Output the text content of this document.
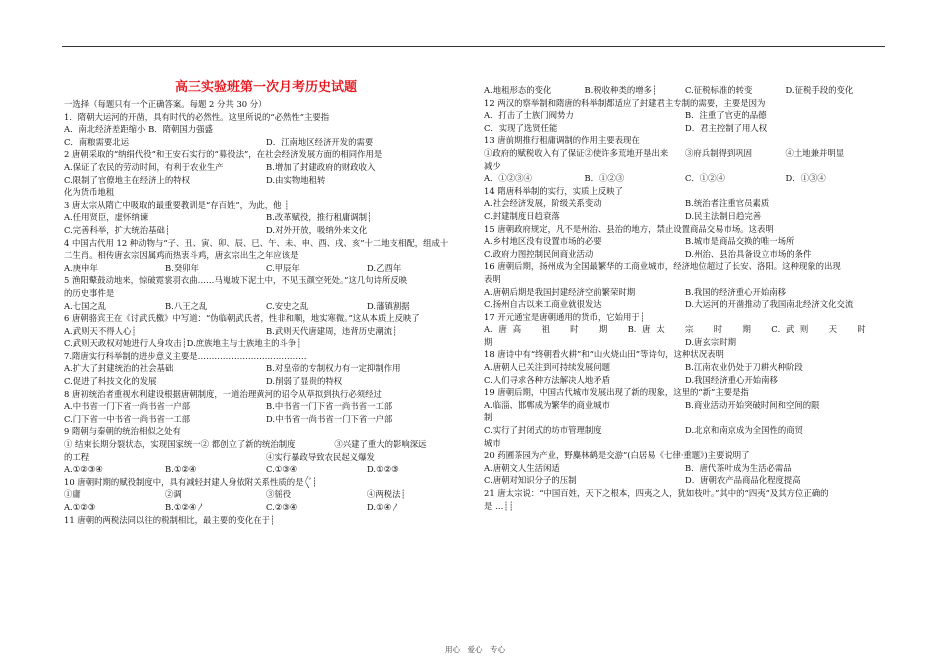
高三实验班第一次月考历史试题
一选择（每题只有一个正确答案。每题 2 分共 30 分）
1．隋朝大运河的开凿，具有时代的必然性。这里所说的“必然性”主要指
A．南北经济差距缩小 B．隋朝国力强盛
C．南粮需要北运	D．江南地区经济开发的需要
2 唐朝采取的“纳绢代役”和王安石实行的“募役法”，在社会经济发展方面的相同作用是
A.保证了农民的劳动时间，有利于农业生产	B.增加了封建政府的财政收入
C.限制了官僚地主在经济上的特权	D.由实物地租转
化为货币地租
3 唐太宗从隋亡中吸取的最重要教训是“存百姓”，为此，他 ┊
A.任用贤臣，虚怀纳谏	B.改革赋役，推行租庸调制┊
C.完善科举，扩大统治基础┊	D.对外开放，吸纳外来文化
4 中国古代用 12 种动物与“子、丑、寅、卯、辰、巳、午、未、申、酉、戌、亥”十二地支相配，组成十
二生肖。相传唐玄宗因属鸡而热衷斗鸡，唐玄宗出生之年应该是
A.庚申年	B.癸卯年	C.甲辰年	D.乙酉年
5 渔阳鼙鼓动地来，惊破霓裳羽衣曲……马嵬坡下泥土中，不见玉颜空死处。”这几句诗所反映
的历史事件是
A.七国之乱	B.八王之乱	C.安史之乱	D.藩镇割据
6 唐朝骆宾王在《讨武氏檄》中写道：“伪临朝武氏者，性非和顺，地实寒微。”这从本质上反映了
A.武则天不得人心┊	B.武则天代唐建周，违背历史潮流┊
C.武则天政权对她进行人身攻击┊D.庶族地主与士族地主的斗争┊
7.隋唐实行科举制的进步意义主要是…………………………………
A.扩大了封建统治的社会基础	B.对皇帝的专制权力有一定抑制作用
C.促进了科技文化的发展	D.削弱了显贵的特权
8 唐初统治者重视水利建设根据唐朝制度，一道治理黄河的诏令从草拟到执行必须经过
A.中书省一门下省一尚书省一户部	B.中书省一门下省一尚书省一工部
C.门下省一中书省一尚书省一工部	D.中书省一尚书省一门下省一户部
9 隋朝与秦朝的统治相似之处有
① 结束长期分裂状态，实现国家统一 ② 都创立了新的统治制度	③兴建了重大的影响深远
的工程	④实行暴政导致农民起义爆发
A.①②③④	B.①②④	C.①③④	D.①②③
10 唐朝时期的赋役制度中，具有减轻封建人身依附关系性质的是〲┊
①庸	②调	③徭役	④两税法┊
A.①②③	B.①②④〳	C.②③④	D.①④〳
11 唐朝的两税法同以往的税制相比，最主要的变化在于┊
A.地租形态的变化	B.税收种类的增多┊	C.征税标准的转变	D.征税手段的变化
12 两汉的察举制和隋唐的科举制都适应了封建君主专制的需要，主要是因为
A．打击了士族门阀势力	B．注重了官吏的品德
C．实现了选贤任能	D．君主控制了用人权
13 唐前期推行租庸调制的作用主要表现在
①政府的赋税收入有了保证 ②使许多荒地开垦出来	③府兵制得到巩固	④土地兼并明显
减少
A．①②③④	B．①②③	C．①②④	D．①③④
14 隋唐科举制的实行，实质上反映了
A.社会经济发展，阶级关系变动	B.统治者注重官员素质
C.封建制度日趋衰落	D.民主法制日趋完善
15 唐朝政府规定，凡不是州治、县治的地方，禁止设置商品交易市场。这表明
A.乡村地区没有设置市场的必要	B.城市是商品交换的唯一场所
C.政府力图控制民间商业活动	D.州治、县治具备设立市场的条件
16 唐朝后期，扬州成为全国最繁华的工商业城市，经济地位超过了长安、洛阳。这种现象的出现
表明
A.唐朝后期是我国封建经济空前繁荣时期	B.我国的经济重心开始南移
C.扬州自古以来工商业就很发达	D.大运河的开凿推动了我国南北经济文化交流
17 开元通宝是唐朝通用的货币，它始用于┊
A．唐 高	祖	时	期	B．唐 太	宗	时	期	C．武 则	天	时
期	D.唐玄宗时期
18 唐诗中有“终朝看火耕”和“山火烧山田”等诗句，这种状况表明
A.唐朝人已关注到可持续发展问题	B.江南农业仍处于刀耕火种阶段
C.人们寻求各种方法解决人地矛盾	D.我国经济重心开始南移
19 唐朝后期，中国古代城市发展出现了新的现象，这里的“新”主要是指
A.临淄、邯郸成为繁华的商业城市	B.商业活动开始突破时间和空间的限
制
C.实行了封闭式的坊市管理制度	D.北京和南京成为全国性的商贸
城市
20 药圃茶园为产业，野麋林鹤是交游”(白居易《七律·重题》)主要说明了
A.唐朝文人生活闲适	B．唐代茶叶成为生活必需品
C.唐朝对知识分子的压制	D．唐朝农产品商品化程度提高
21 唐太宗说：“中国百姓，天下之根本，四夷之人，犹如枝叶。”其中的“四夷”及其方位正确的
是 …┊┊
用心　爱心　专心
